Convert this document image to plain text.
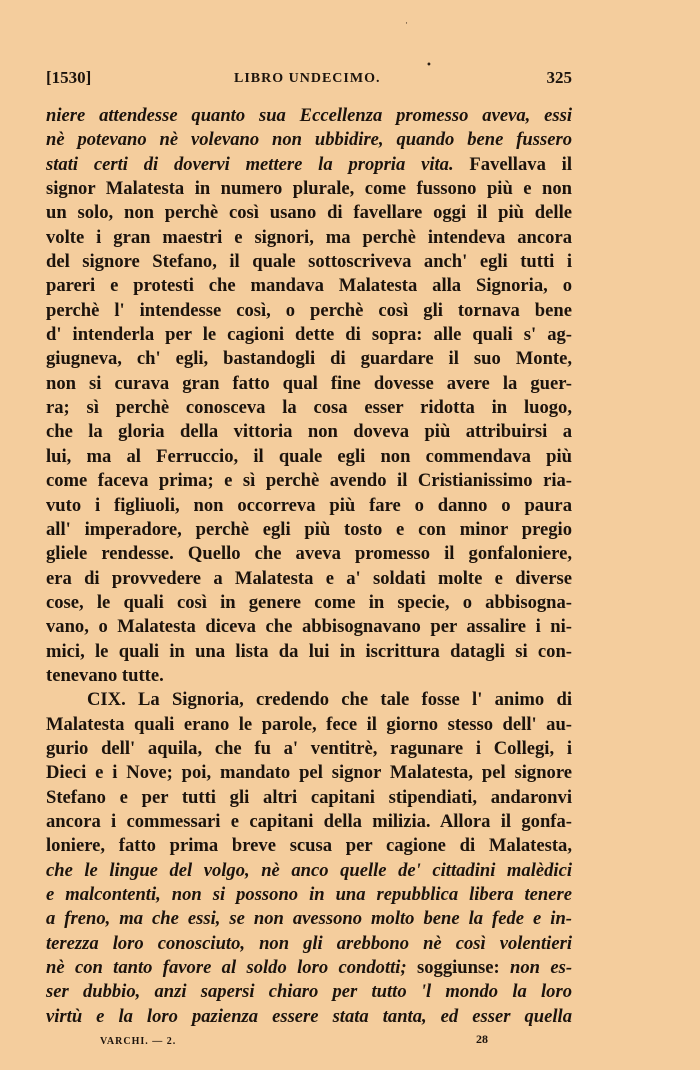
˙
•
[1530]	LIBRO UNDECIMO.	325
niere attendesse quanto sua Eccellenza promesso aveva, essi
nè potevano nè volevano non ubbidire, quando bene fussero
stati certi di dovervi mettere la propria vita. Favellava il
signor Malatesta in numero plurale, come fussono più e non
un solo, non perchè così usano di favellare oggi il più delle
volte i gran maestri e signori, ma perchè intendeva ancora
del signore Stefano, il quale sottoscriveva anch' egli tutti i
pareri e protesti che mandava Malatesta alla Signoria, o
perchè l' intendesse così, o perchè così gli tornava bene
d' intenderla per le cagioni dette di sopra: alle quali s' ag-
giugneva, ch' egli, bastandogli di guardare il suo Monte,
non si curava gran fatto qual fine dovesse avere la guer-
ra; sì perchè conosceva la cosa esser ridotta in luogo,
che la gloria della vittoria non doveva più attribuirsi a
lui, ma al Ferruccio, il quale egli non commendava più
come faceva prima; e sì perchè avendo il Cristianissimo ria-
vuto i figliuoli, non occorreva più fare o danno o paura
all' imperadore, perchè egli più tosto e con minor pregio
gliele rendesse. Quello che aveva promesso il gonfaloniere,
era di provvedere a Malatesta e a' soldati molte e diverse
cose, le quali così in genere come in specie, o abbisogna-
vano, o Malatesta diceva che abbisognavano per assalire i ni-
mici, le quali in una lista da lui in iscrittura datagli si con-
tenevano tutte.
CIX. La Signoria, credendo che tale fosse l' animo di
Malatesta quali erano le parole, fece il giorno stesso dell' au-
gurio dell' aquila, che fu a' ventitrè, ragunare i Collegi, i
Dieci e i Nove; poi, mandato pel signor Malatesta, pel signore
Stefano e per tutti gli altri capitani stipendiati, andaronvi
ancora i commessari e capitani della milizia. Allora il gonfa-
loniere, fatto prima breve scusa per cagione di Malatesta,
che le lingue del volgo, nè anco quelle de' cittadini malèdici
e malcontenti, non si possono in una repubblica libera tenere
a freno, ma che essi, se non avessono molto bene la fede e in-
terezza loro conosciuto, non gli arebbono nè così volentieri
nè con tanto favore al soldo loro condotti; soggiunse: non es-
ser dubbio, anzi sapersi chiaro per tutto 'l mondo la loro
virtù e la loro pazienza essere stata tanta, ed esser quella
VARCHI. — 2.	28
